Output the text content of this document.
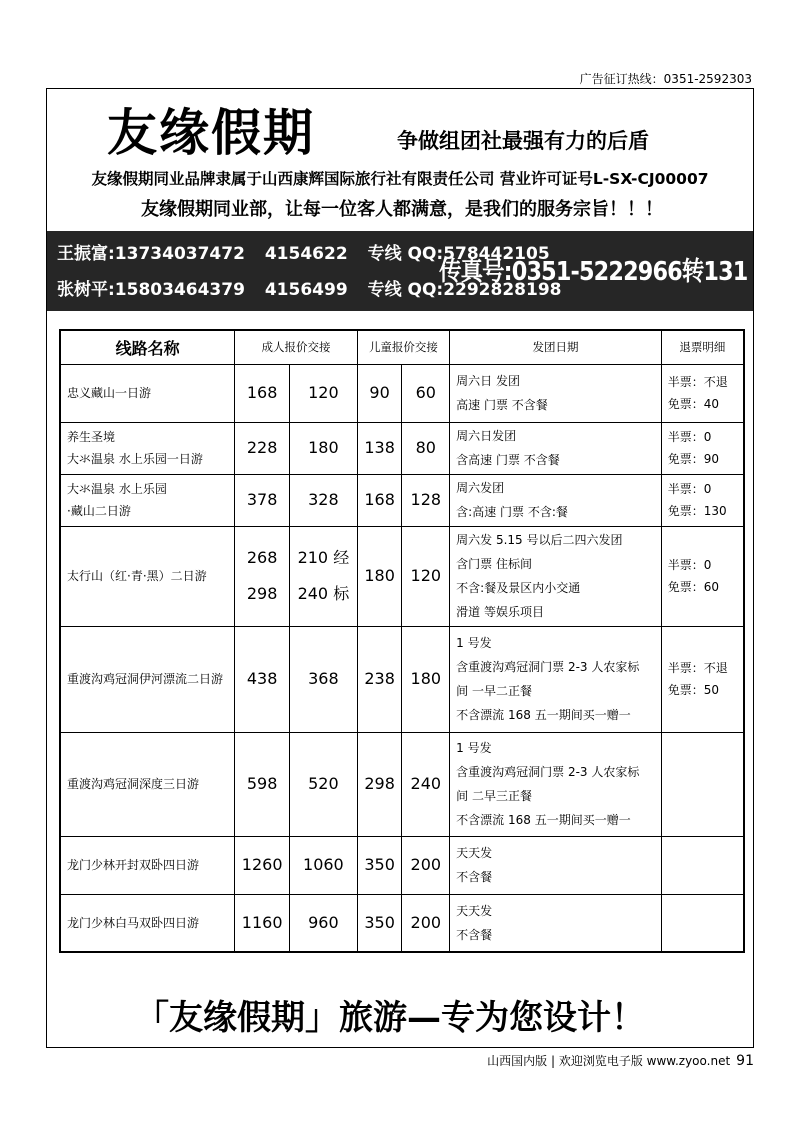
广告征订热线：0351-2592303
友缘假期	争做组团社最强有力的后盾
友缘假期同业品牌隶属于山西康辉国际旅行社有限责任公司 营业许可证号L-SX-CJ00007
友缘假期同业部，让每一位客人都满意，是我们的服务宗旨！！！
王振富:13734037472 4154622 专线 QQ:578442105
张树平:15803464379 4156499 专线 QQ:2292828198
传真号:0351-5222966转131
线路名称	成人报价交接		儿童报价交接		发团日期	退票明细

忠义藏山一日游	168	120	90	60	周六日 发团
高速 门票 不含餐	半票：不退
免票：40

养生圣境
大氺温泉 水上乐园一日游	228	180	138	80	周六日发团
含高速 门票 不含餐	半票：0
免票：90

大氺温泉 水上乐园
·藏山二日游	378	328	168	128	周六发团
含:高速 门票 不含:餐	半票：0
免票：130

太行山（红·青·黑）二日游	268
298	210 经
240 标	180	120	周六发 5.15 号以后二四六发团
含门票 住标间
不含:餐及景区内小交通
滑道 等娱乐项目	半票：0
免票：60

重渡沟鸡冠洞伊河漂流二日游	438	368	238	180	1 号发
含重渡沟鸡冠洞门票 2-3 人农家标
间 一早二正餐
不含漂流 168 五一期间买一赠一	半票：不退
免票：50

重渡沟鸡冠洞深度三日游	598	520	298	240	1 号发
含重渡沟鸡冠洞门票 2-3 人农家标
间 二早三正餐
不含漂流 168 五一期间买一赠一	

龙门少林开封双卧四日游	1260	1060	350	200	天天发
不含餐	

龙门少林白马双卧四日游	1160	960	350	200	天天发
不含餐	

「友缘假期」旅游—专为您设计！
山西国内版 | 欢迎浏览电子版 www.zyoo.net 91
